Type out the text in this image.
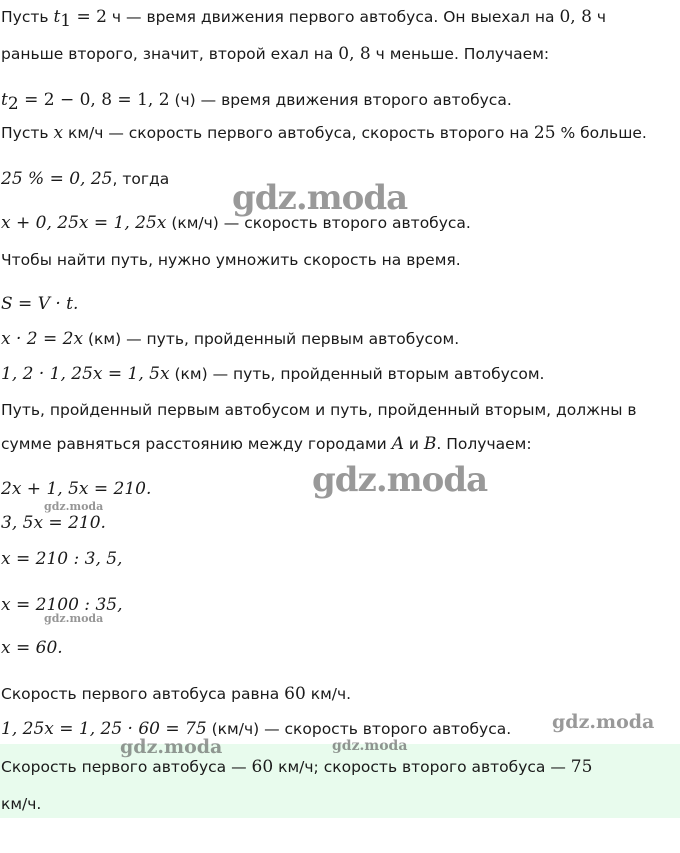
Пусть $t_1 = 2$ ч — время движения первого автобуса. Он выехал на 0, 8 ч
раньше второго, значит, второй ехал на 0, 8 ч меньше. Получаем:
$t_2 = 2 - 0$, 8 = 1, 2 (ч) — время движения второго автобуса.
Пусть x км/ч — скорость первого автобуса, скорость второго на 25 % больше.
25 % = 0, 25, тогда
x + 0, 25x = 1, 25x (км/ч) — скорость второго автобуса.
Чтобы найти путь, нужно умножить скорость на время.
S = V · t.
x · 2 = 2x (км) — путь, пройденный первым автобусом.
1, 2 · 1, 25x = 1, 5x (км) — путь, пройденный вторым автобусом.
Путь, пройденный первым автобусом и путь, пройденный вторым, должны в
сумме равняться расстоянию между городами A и B. Получаем:
2x + 1, 5x = 210.
3, 5x = 210.
x = 210 : 3, 5,
x = 2100 : 35,
x = 60.
Скорость первого автобуса равна 60 км/ч.
1, 25x = 1, 25 · 60 = 75 (км/ч) — скорость второго автобуса.
Скорость первого автобуса — 60 км/ч; скорость второго автобуса — 75
км/ч.
gdz.moda
gdz.moda
gdz.moda
gdz.moda
gdz.moda
gdz.moda	gdz.moda
